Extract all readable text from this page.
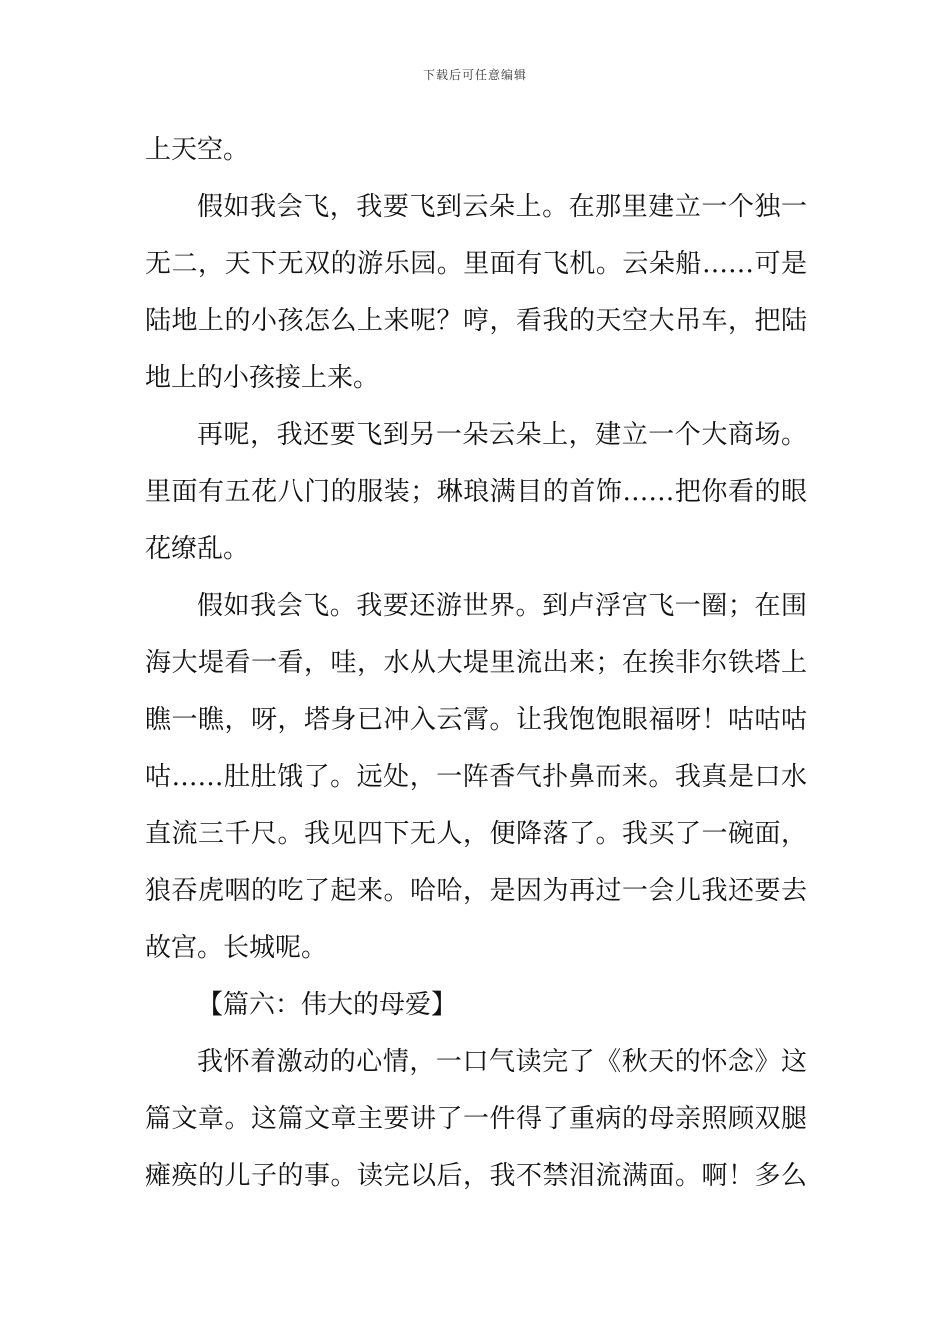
下载后可任意编辑
上天空。
假如我会飞，我要飞到云朵上。在那里建立一个独一
无二，天下无双的游乐园。里面有飞机。云朵船……可是
陆地上的小孩怎么上来呢？哼，看我的天空大吊车，把陆
地上的小孩接上来。
再呢，我还要飞到另一朵云朵上，建立一个大商场。
里面有五花八门的服装；琳琅满目的首饰……把你看的眼
花缭乱。
假如我会飞。我要还游世界。到卢浮宫飞一圈；在围
海大堤看一看，哇，水从大堤里流出来；在挨非尔铁塔上
瞧一瞧，呀，塔身已冲入云霄。让我饱饱眼福呀！咕咕咕
咕……肚肚饿了。远处，一阵香气扑鼻而来。我真是口水
直流三千尺。我见四下无人，便降落了。我买了一碗面，
狼吞虎咽的吃了起来。哈哈，是因为再过一会儿我还要去
故宫。长城呢。
【篇六：伟大的母爱】
我怀着激动的心情，一口气读完了《秋天的怀念》这
篇文章。这篇文章主要讲了一件得了重病的母亲照顾双腿
瘫痪的儿子的事。读完以后，我不禁泪流满面。啊！多么
